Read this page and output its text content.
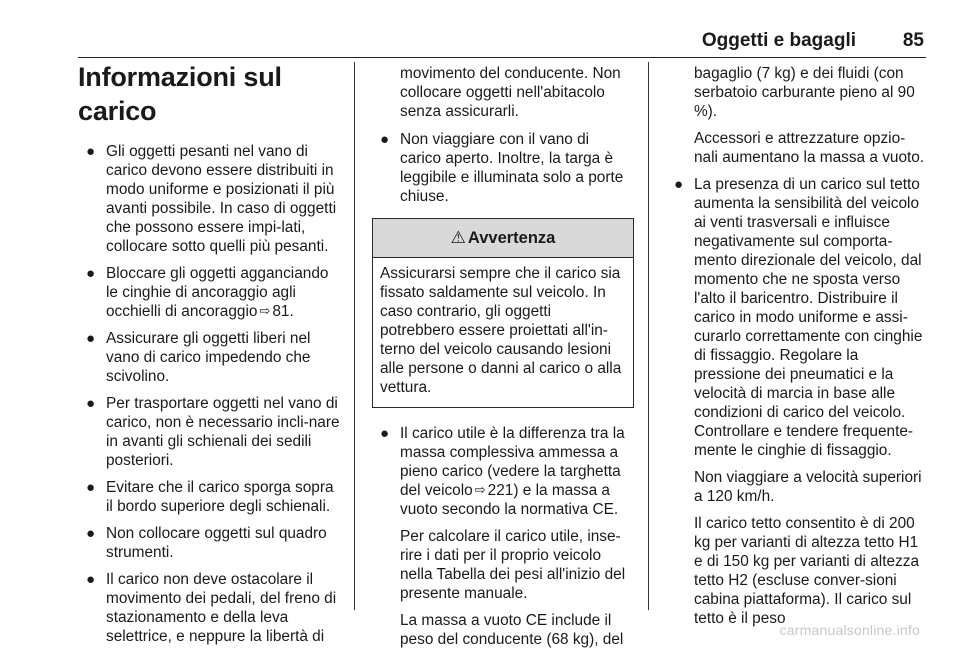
Oggetti e bagagli 85
Informazioni sul carico
● Gli oggetti pesanti nel vano di carico devono essere distribuiti in modo uniforme e posizionati il più avanti possibile. In caso di oggetti che possono essere impi-lati, collocare sotto quelli più pesanti.
● Bloccare gli oggetti agganciando le cinghie di ancoraggio agli occhielli di ancoraggio ⇨ 81.
● Assicurare gli oggetti liberi nel vano di carico impedendo che scivolino.
● Per trasportare oggetti nel vano di carico, non è necessario incli-nare in avanti gli schienali dei sedili posteriori.
● Evitare che il carico sporga sopra il bordo superiore degli schienali.
● Non collocare oggetti sul quadro strumenti.
● Il carico non deve ostacolare il movimento dei pedali, del freno di stazionamento e della leva selettrice, e neppure la libertà di

movimento del conducente. Non collocare oggetti nell'abitacolo senza assicurarli.

● Non viaggiare con il vano di carico aperto. Inoltre, la targa è leggibile e illuminata solo a porte chiuse.
⚠ Avvertenza
Assicurarsi sempre che il carico sia fissato saldamente sul veicolo. In caso contrario, gli oggetti potrebbero essere proiettati all'in-terno del veicolo causando lesioni alle persone o danni al carico o alla vettura.
● Il carico utile è la differenza tra la massa complessiva ammessa a pieno carico (vedere la targhetta del veicolo ⇨ 221) e la massa a vuoto secondo la normativa CE.

Per calcolare il carico utile, inse-rire i dati per il proprio veicolo nella Tabella dei pesi all'inizio del presente manuale.

La massa a vuoto CE include il peso del conducente (68 kg), del

bagaglio (7 kg) e dei fluidi (con serbatoio carburante pieno al 90 %).

Accessori e attrezzature opzio-nali aumentano la massa a vuoto.

● La presenza di un carico sul tetto aumenta la sensibilità del veicolo ai venti trasversali e influisce negativamente sul comporta-mento direzionale del veicolo, dal momento che ne sposta verso l'alto il baricentro. Distribuire il carico in modo uniforme e assi-curarlo correttamente con cinghie di fissaggio. Regolare la pressione dei pneumatici e la velocità di marcia in base alle condizioni di carico del veicolo. Controllare e tendere frequente-mente le cinghie di fissaggio.

Non viaggiare a velocità superiori a 120 km/h.

Il carico tetto consentito è di 200 kg per varianti di altezza tetto H1 e di 150 kg per varianti di altezza tetto H2 (escluse conver-sioni cabina piattaforma). Il carico sul tetto è il peso

carmanualsonline.info
